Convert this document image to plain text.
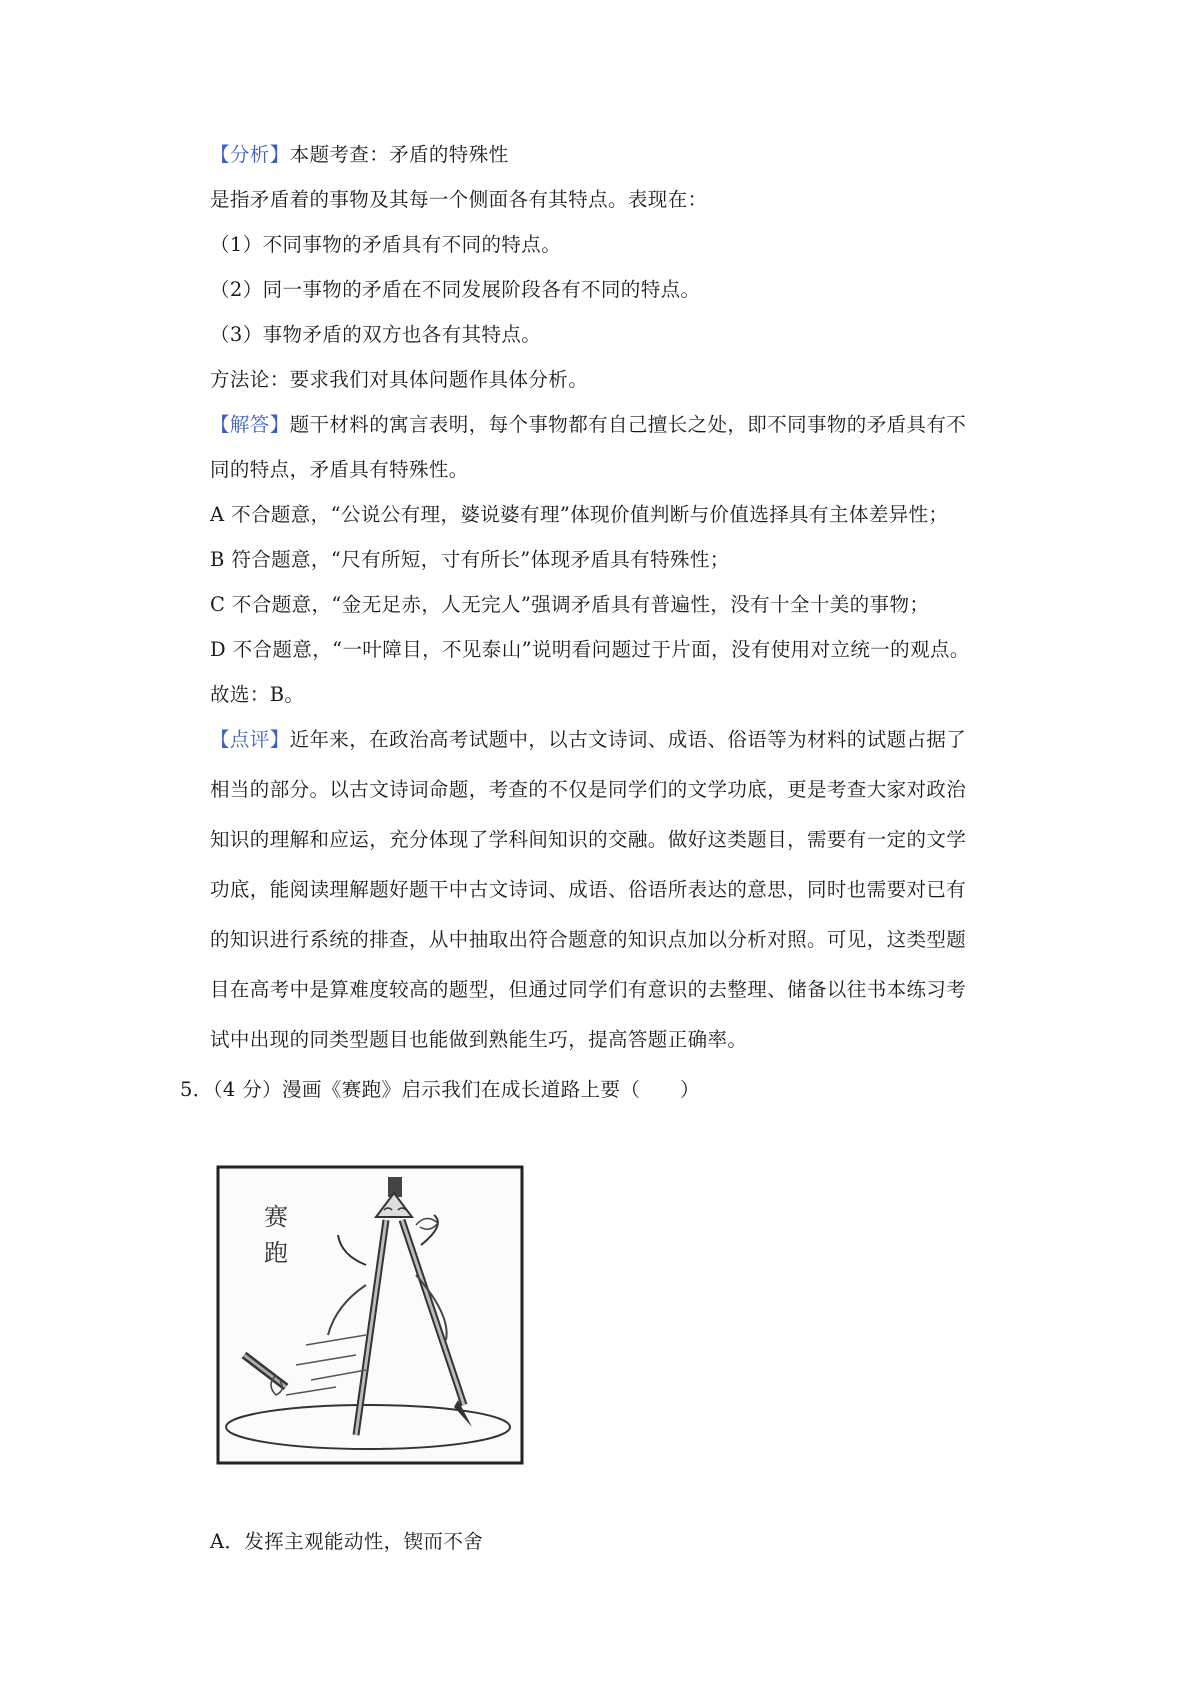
【分析】本题考查：矛盾的特殊性
是指矛盾着的事物及其每一个侧面各有其特点。表现在：
（1）不同事物的矛盾具有不同的特点。
（2）同一事物的矛盾在不同发展阶段各有不同的特点。
（3）事物矛盾的双方也各有其特点。
方法论：要求我们对具体问题作具体分析。
【解答】题干材料的寓言表明，每个事物都有自己擅长之处，即不同事物的矛盾具有不
同的特点，矛盾具有特殊性。
A 不合题意，“公说公有理，婆说婆有理”体现价值判断与价值选择具有主体差异性；
B 符合题意，“尺有所短，寸有所长”体现矛盾具有特殊性；
C 不合题意，“金无足赤，人无完人”强调矛盾具有普遍性，没有十全十美的事物；
D 不合题意，“一叶障目，不见泰山”说明看问题过于片面，没有使用对立统一的观点。
故选：B。
【点评】近年来，在政治高考试题中，以古文诗词、成语、俗语等为材料的试题占据了
相当的部分。以古文诗词命题，考查的不仅是同学们的文学功底，更是考查大家对政治
知识的理解和应运，充分体现了学科间知识的交融。做好这类题目，需要有一定的文学
功底，能阅读理解题好题干中古文诗词、成语、俗语所表达的意思，同时也需要对已有
的知识进行系统的排查，从中抽取出符合题意的知识点加以分析对照。可见，这类型题
目在高考中是算难度较高的题型，但通过同学们有意识的去整理、储备以往书本练习考
试中出现的同类型题目也能做到熟能生巧，提高答题正确率。
5．（4 分）漫画《赛跑》启示我们在成长道路上要（　　）
赛
跑
A．发挥主观能动性，锲而不舍
